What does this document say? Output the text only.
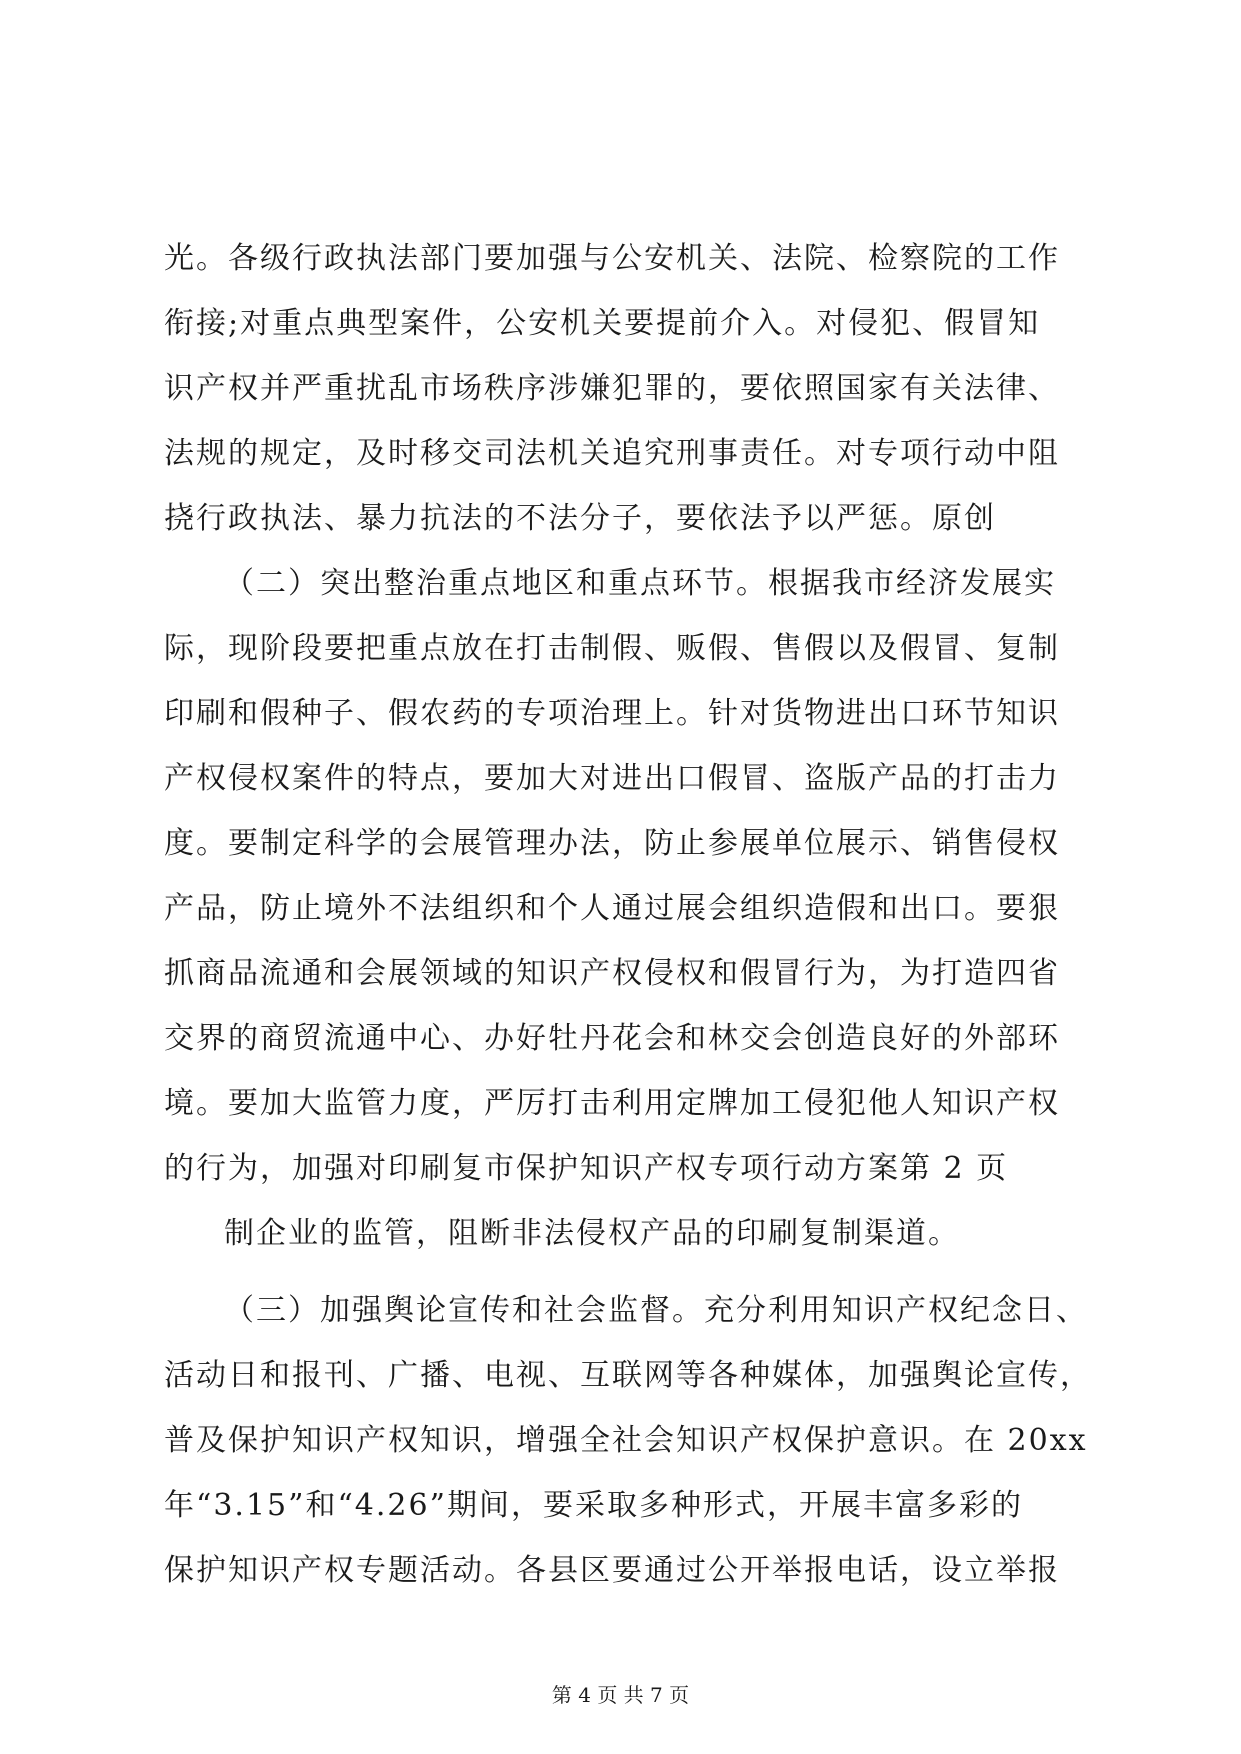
光。各级行政执法部门要加强与公安机关、法院、检察院的工作
衔接;对重点典型案件，公安机关要提前介入。对侵犯、假冒知
识产权并严重扰乱市场秩序涉嫌犯罪的，要依照国家有关法律、
法规的规定，及时移交司法机关追究刑事责任。对专项行动中阻
挠行政执法、暴力抗法的不法分子，要依法予以严惩。原创
（二）突出整治重点地区和重点环节。根据我市经济发展实
际，现阶段要把重点放在打击制假、贩假、售假以及假冒、复制
印刷和假种子、假农药的专项治理上。针对货物进出口环节知识
产权侵权案件的特点，要加大对进出口假冒、盗版产品的打击力
度。要制定科学的会展管理办法，防止参展单位展示、销售侵权
产品，防止境外不法组织和个人通过展会组织造假和出口。要狠
抓商品流通和会展领域的知识产权侵权和假冒行为，为打造四省
交界的商贸流通中心、办好牡丹花会和林交会创造良好的外部环
境。要加大监管力度，严厉打击利用定牌加工侵犯他人知识产权
的行为，加强对印刷复市保护知识产权专项行动方案第 2 页
制企业的监管，阻断非法侵权产品的印刷复制渠道。
（三）加强舆论宣传和社会监督。充分利用知识产权纪念日、
活动日和报刊、广播、电视、互联网等各种媒体，加强舆论宣传，
普及保护知识产权知识，增强全社会知识产权保护意识。在 20xx
年“3.15”和“4.26”期间，要采取多种形式，开展丰富多彩的
保护知识产权专题活动。各县区要通过公开举报电话，设立举报
第 4 页 共 7 页
